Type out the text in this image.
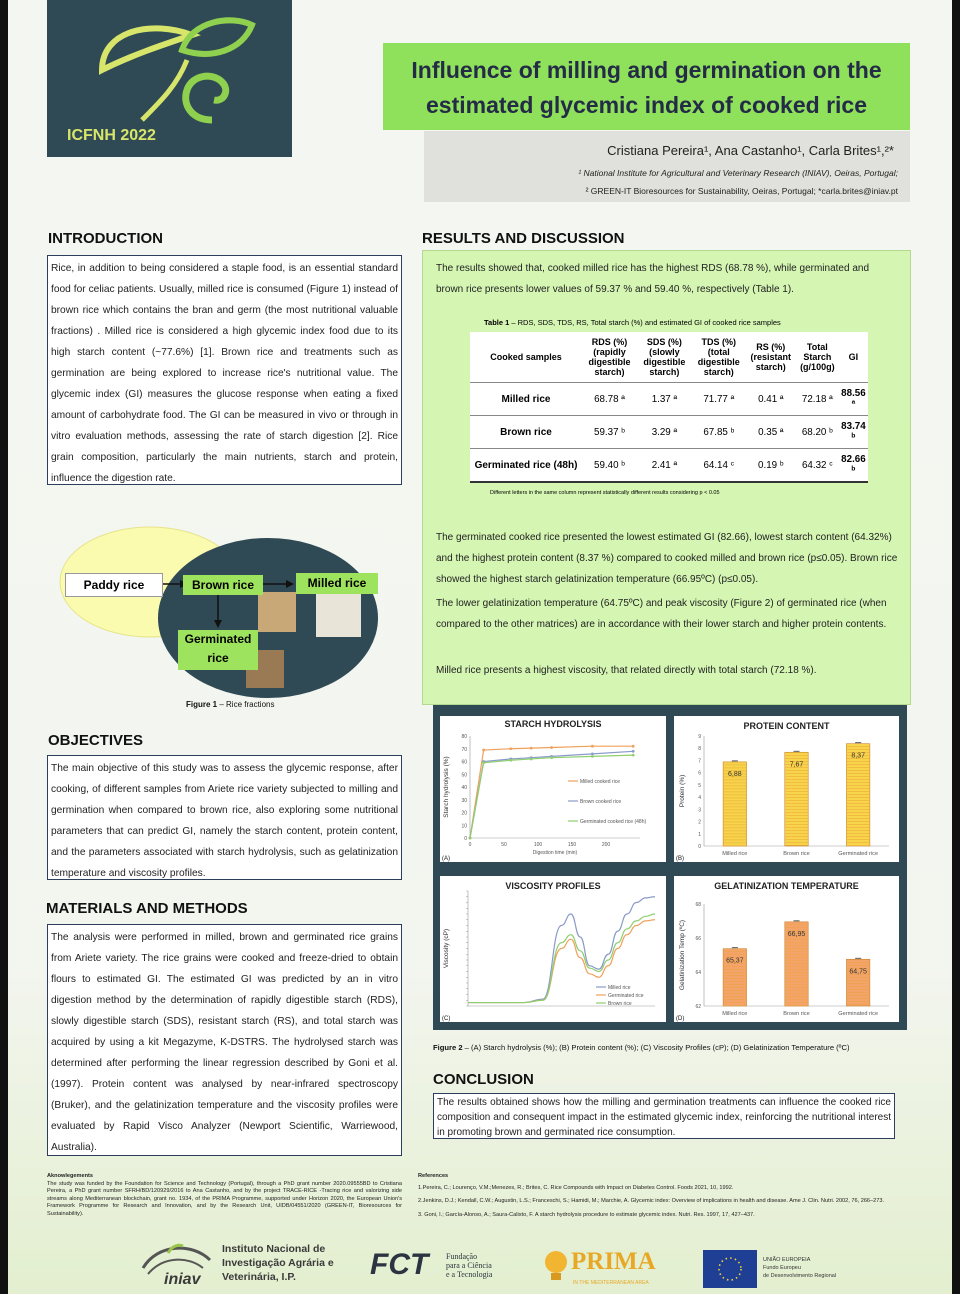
ICFNH 2022
Influence of milling and germination on the
estimated glycemic index of cooked rice
Cristiana Pereira¹, Ana Castanho¹, Carla Brites¹,²*
¹ National Institute for Agricultural and Veterinary Research (INIAV), Oeiras, Portugal;
² GREEN-IT Bioresources for Sustainability, Oeiras, Portugal; *carla.brites@iniav.pt
INTRODUCTION
Rice, in addition to being considered a staple food, is an essential standard food for celiac patients. Usually, milled rice is consumed (Figure 1) instead of brown rice which contains the bran and germ (the most nutritional valuable fractions) . Milled rice is considered a high glycemic index food due to its high starch content (~77.6%) [1]. Brown rice and treatments such as germination are being explored to increase rice's nutritional value. The glycemic index (GI) measures the glucose response when eating a fixed amount of carbohydrate food. The GI can be measured in vivo or through in vitro evaluation methods, assessing the rate of starch digestion [2]. Rice grain composition, particularly the main nutrients, starch and protein, influence the digestion rate.
Paddy rice	Brown rice	Milled rice
Germinated
rice
Figure 1 – Rice fractions
OBJECTIVES
The main objective of this study was to assess the glycemic response, after cooking, of different samples from Ariete rice variety subjected to milling and germination when compared to brown rice, also exploring some nutritional parameters that can predict GI, namely the starch content, protein content, and the parameters associated with starch hydrolysis, such as gelatinization temperature and viscosity profiles.
MATERIALS AND METHODS
The analysis were performed in milled, brown and germinated rice grains from Ariete variety. The rice grains were cooked and freeze-dried to obtain flours to estimated GI. The estimated GI was predicted by an in vitro digestion method by the determination of rapidly digestible starch (RDS), slowly digestible starch (SDS), resistant starch (RS), and total starch was acquired by using a kit Megazyme, K-DSTRS. The hydrolysed starch was determined after performing the linear regression described by Goni et al. (1997). Protein content was analysed by near-infrared spectroscopy (Bruker), and the gelatinization temperature and the viscosity profiles were evaluated by Rapid Visco Analyzer (Newport Scientific, Warriewood, Australia).
RESULTS AND DISCUSSION
The results showed that, cooked milled rice has the highest RDS (68.78 %), while germinated and brown rice presents lower values of 59.37 % and 59.40 %, respectively (Table 1).
Table 1 – RDS, SDS, TDS, RS, Total starch (%) and estimated GI of cooked rice samples
Cooked samples	RDS (%) (rapidly digestible starch)	SDS (%) (slowly digestible starch)	TDS (%) (total digestible starch)	RS (%) (resistant starch)	Total Starch (g/100g)	GI
Milled rice	68.78 ª	1.37 ª	71.77 ª	0.41 ª	72.18 ª	88.56 ª
Brown rice	59.37 ᵇ	3.29 ª	67.85 ᵇ	0.35 ª	68.20 ᵇ	83.74 ᵇ
Germinated rice (48h)	59.40 ᵇ	2.41 ª	64.14 ᶜ	0.19 ᵇ	64.32 ᶜ	82.66 ᵇ
Different letters in the same column represent statistically different results considering p < 0.05
The germinated cooked rice presented the lowest estimated GI (82.66), lowest starch content (64.32%) and the highest protein content (8.37 %) compared to cooked milled and brown rice (p≤0.05). Brown rice showed the highest starch gelatinization temperature (66.95ºC) (p≤0.05).
The lower gelatinization temperature (64.75ºC) and peak viscosity (Figure 2) of germinated rice (when compared to the other matrices) are in accordance with their lower starch and higher protein contents.
Milled rice presents a highest viscosity, that related directly with total starch (72.18 %).
STARCH HYDROLYSIS
0
10
20
30
40
50
60
70
80
0	50	100	150	200
Digestion time (min)
Starch hydrolysis (%)	Milled cooked rice
Brown cooked rice
Germinated cooked rice (48h)
(A)
PROTEIN CONTENT
0
1
2
3
4
5
6
7
8
9
Protein (%)
6,88
Milled rice
7,67
Brown rice
8,37
Germinated rice
(B)
VISCOSITY PROFILES
Viscosity (cP)
Milled rice
Germinated rice
Brown rice
(C)
GELATINIZATION TEMPERATURE
62
64
66
68
Gelatinization Temp (ºC)	65,37
Milled rice
66,95
Brown rice
64,75
Germinated rice
(D)
Figure 2 – (A) Starch hydrolysis (%); (B) Protein content (%); (C) Viscosity Profiles (cP); (D) Gelatinization Temperature (ºC)
CONCLUSION
The results obtained shows how the milling and germination treatments can influence the cooked rice composition and consequent impact in the estimated glycemic index, reinforcing the nutritional interest in promoting brown and germinated rice consumption.
Aknowlegements
The study was funded by the Foundation for Science and Technology (Portugal), through a PhD grant number 2020.09555BD to Cristiana Pereira, a PhD grant number SFRH/BD/120929/2016 to Ana Castanho, and by the project TRACE-RICE -Tracing rice and valorizing side streams along Mediterranean blockchain, grant no. 1934, of the PRIMA Programme, supported under Horizon 2020, the European Union's Framework Programme for Research and Innovation, and by the Research Unit, UIDB/04551/2020 (GREEN-IT, Bioresources for Sustainability).
References
1.Pereira, C.; Lourenço, V.M.;Menezes, R.; Brites, C. Rice Compounds with Impact on Diabetes Control. Foods 2021, 10, 1992.
2.Jenkins, D.J.; Kendall, C.W.; Augustin, L.S.; Franceschi, S.; Hamidi, M.; Marchie, A. Glycemic index: Overview of implications in health and disease. Ame J. Clin. Nutri. 2002, 76, 266–273.
3. Goni, I.; García-Alonso, A.; Saura-Calixto, F. A starch hydrolysis procedure to estimate glycemic index. Nutri. Res. 1997, 17, 427–437.
iniav
Instituto Nacional de
Investigação Agrária e
Veterinária, I.P.	FCT Fundação
para a Ciência
e a Tecnologia	PRIMA
IN THE MEDITERRANEAN AREA
UNIÃO EUROPEIA
Fundo Europeu
de Desenvolvimento Regional
